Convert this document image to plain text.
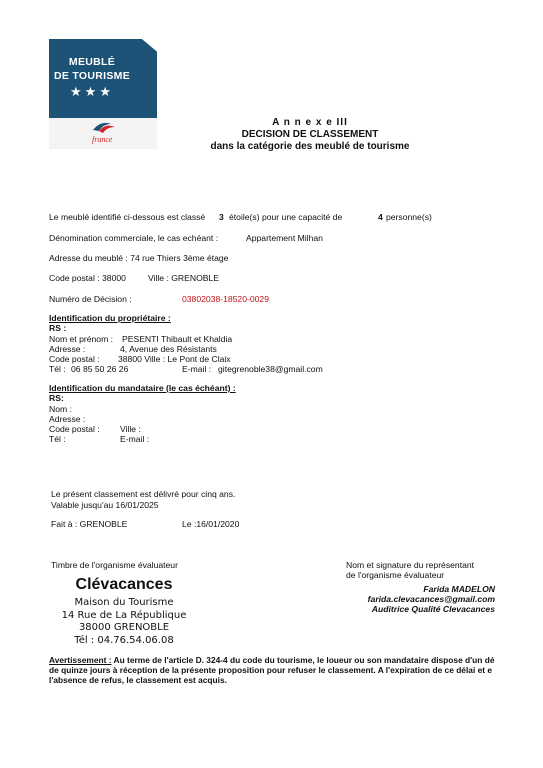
MEUBLÉ
DE TOURISME
★★★
france
A n n e x e III
DECISION DE CLASSEMENT
dans la catégorie des meublé de tourisme
Le meublé identifié ci-dessous est classé 3 étoile(s) pour une capacité de	4 personne(s)
Dénomination commerciale, le cas echéant :	Appartement Milhan
Adresse du meublé : 74 rue Thiers 3ème étage
Code postal : 38000	Ville : GRENOBLE
Numéro de Décision :	03802038-18520-0029
Identification du propriétaire :
RS :
Nom et prénom : PESENTI Thibault et Khaldia
Adresse :	4, Avenue des Résistants
Code postal : 38800 Ville : Le Pont de Claix
Tél : 06 85 50 26 26	E-mail : gitegrenoble38@gmail.com
Identification du mandataire (le cas échéant) :
RS:
Nom :
Adresse :
Code postal : Ville :
Tél :	E-mail :
Le présent classement est délivré pour cinq ans.
Valable jusqu'au 16/01/2025
Fait à : GRENOBLE	Le :16/01/2020
Timbre de l'organisme évaluateur
Clévacances
Maison du Tourisme
14 Rue de La République
38000 GRENOBLE
Tél : 04.76.54.06.08
Nom et signature du représentant
de l'organisme évaluateur
Farida MADELON
farida.clevacances@gmail.com
Auditrice Qualité Clevacances
Avertissement : Au terme de l'article D. 324-4 du code du tourisme, le loueur ou son mandataire dispose d'un dé
de quinze jours à réception de la présente proposition pour refuser le classement. A l'expiration de ce délai et e
l'absence de refus, le classement est acquis.
